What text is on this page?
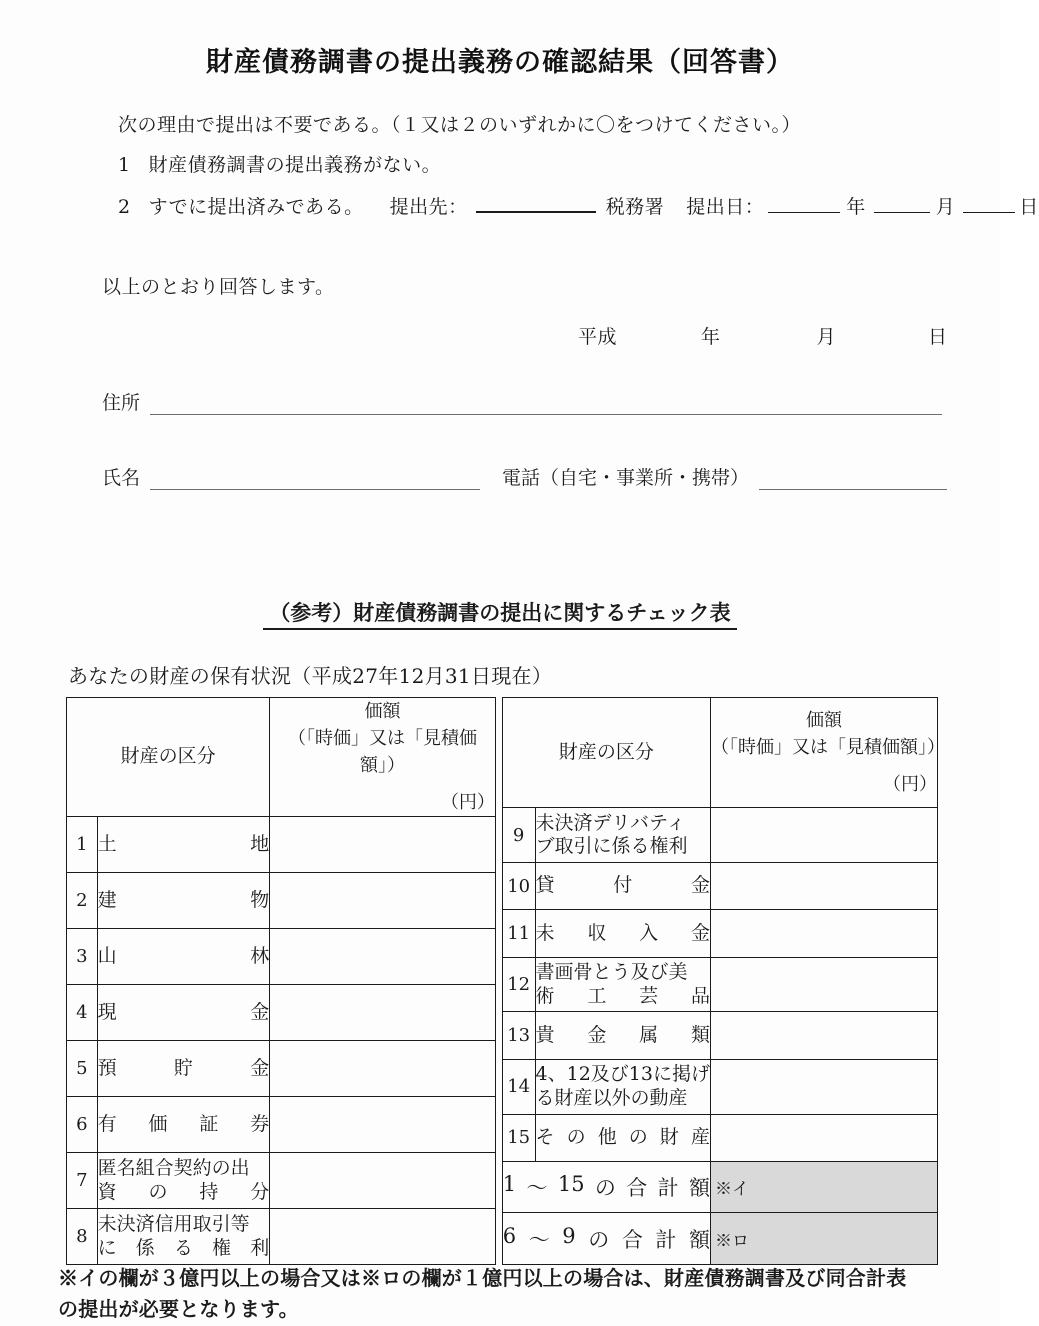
財産債務調書の提出義務の確認結果（回答書）
次の理由で提出は不要である。（１又は２のいずれかに〇をつけてください。）
1 財産債務調書の提出義務がない。
2 すでに提出済みである。 提出先：	税務署 提出日：	年	月	日
以上のとおり回答します。
平成	年	月	日
住所
氏名	電話（自宅・事業所・携帯）
（参考）財産債務調書の提出に関するチェック表
あなたの財産の保有状況（平成27年12月31日現在）
財産の区分		価額
（「時価」又は「見積価額」）
（円）

1	土 地	

2	建 物	

3	山 林	

4	現 金	

5	預 貯 金	

6	有 価 証 券	

7	匿名組合契約の出
資 の 持 分	

8	
未決済信用取引等
に 係 る 権 利

財産の区分		価額
（「時価」又は「見積価額」）
（円）

9	未決済デリバティ
ブ取引に係る権利	

10	貸 付 金	

11	未 収 入 金	

12	書画骨とう及び美
術 工 芸 品	

13	貴 金 属 類	

14	4、12及び13に掲げ
る財産以外の動産	

15	そ の 他 の 財 産

1 ～ 15 の 合 計 額	※イ

6 ～ 9 の 合 計 額	※ロ
※イの欄が３億円以上の場合又は※ロの欄が１億円以上の場合は、財産債務調書及び同合計表
の提出が必要となります。
